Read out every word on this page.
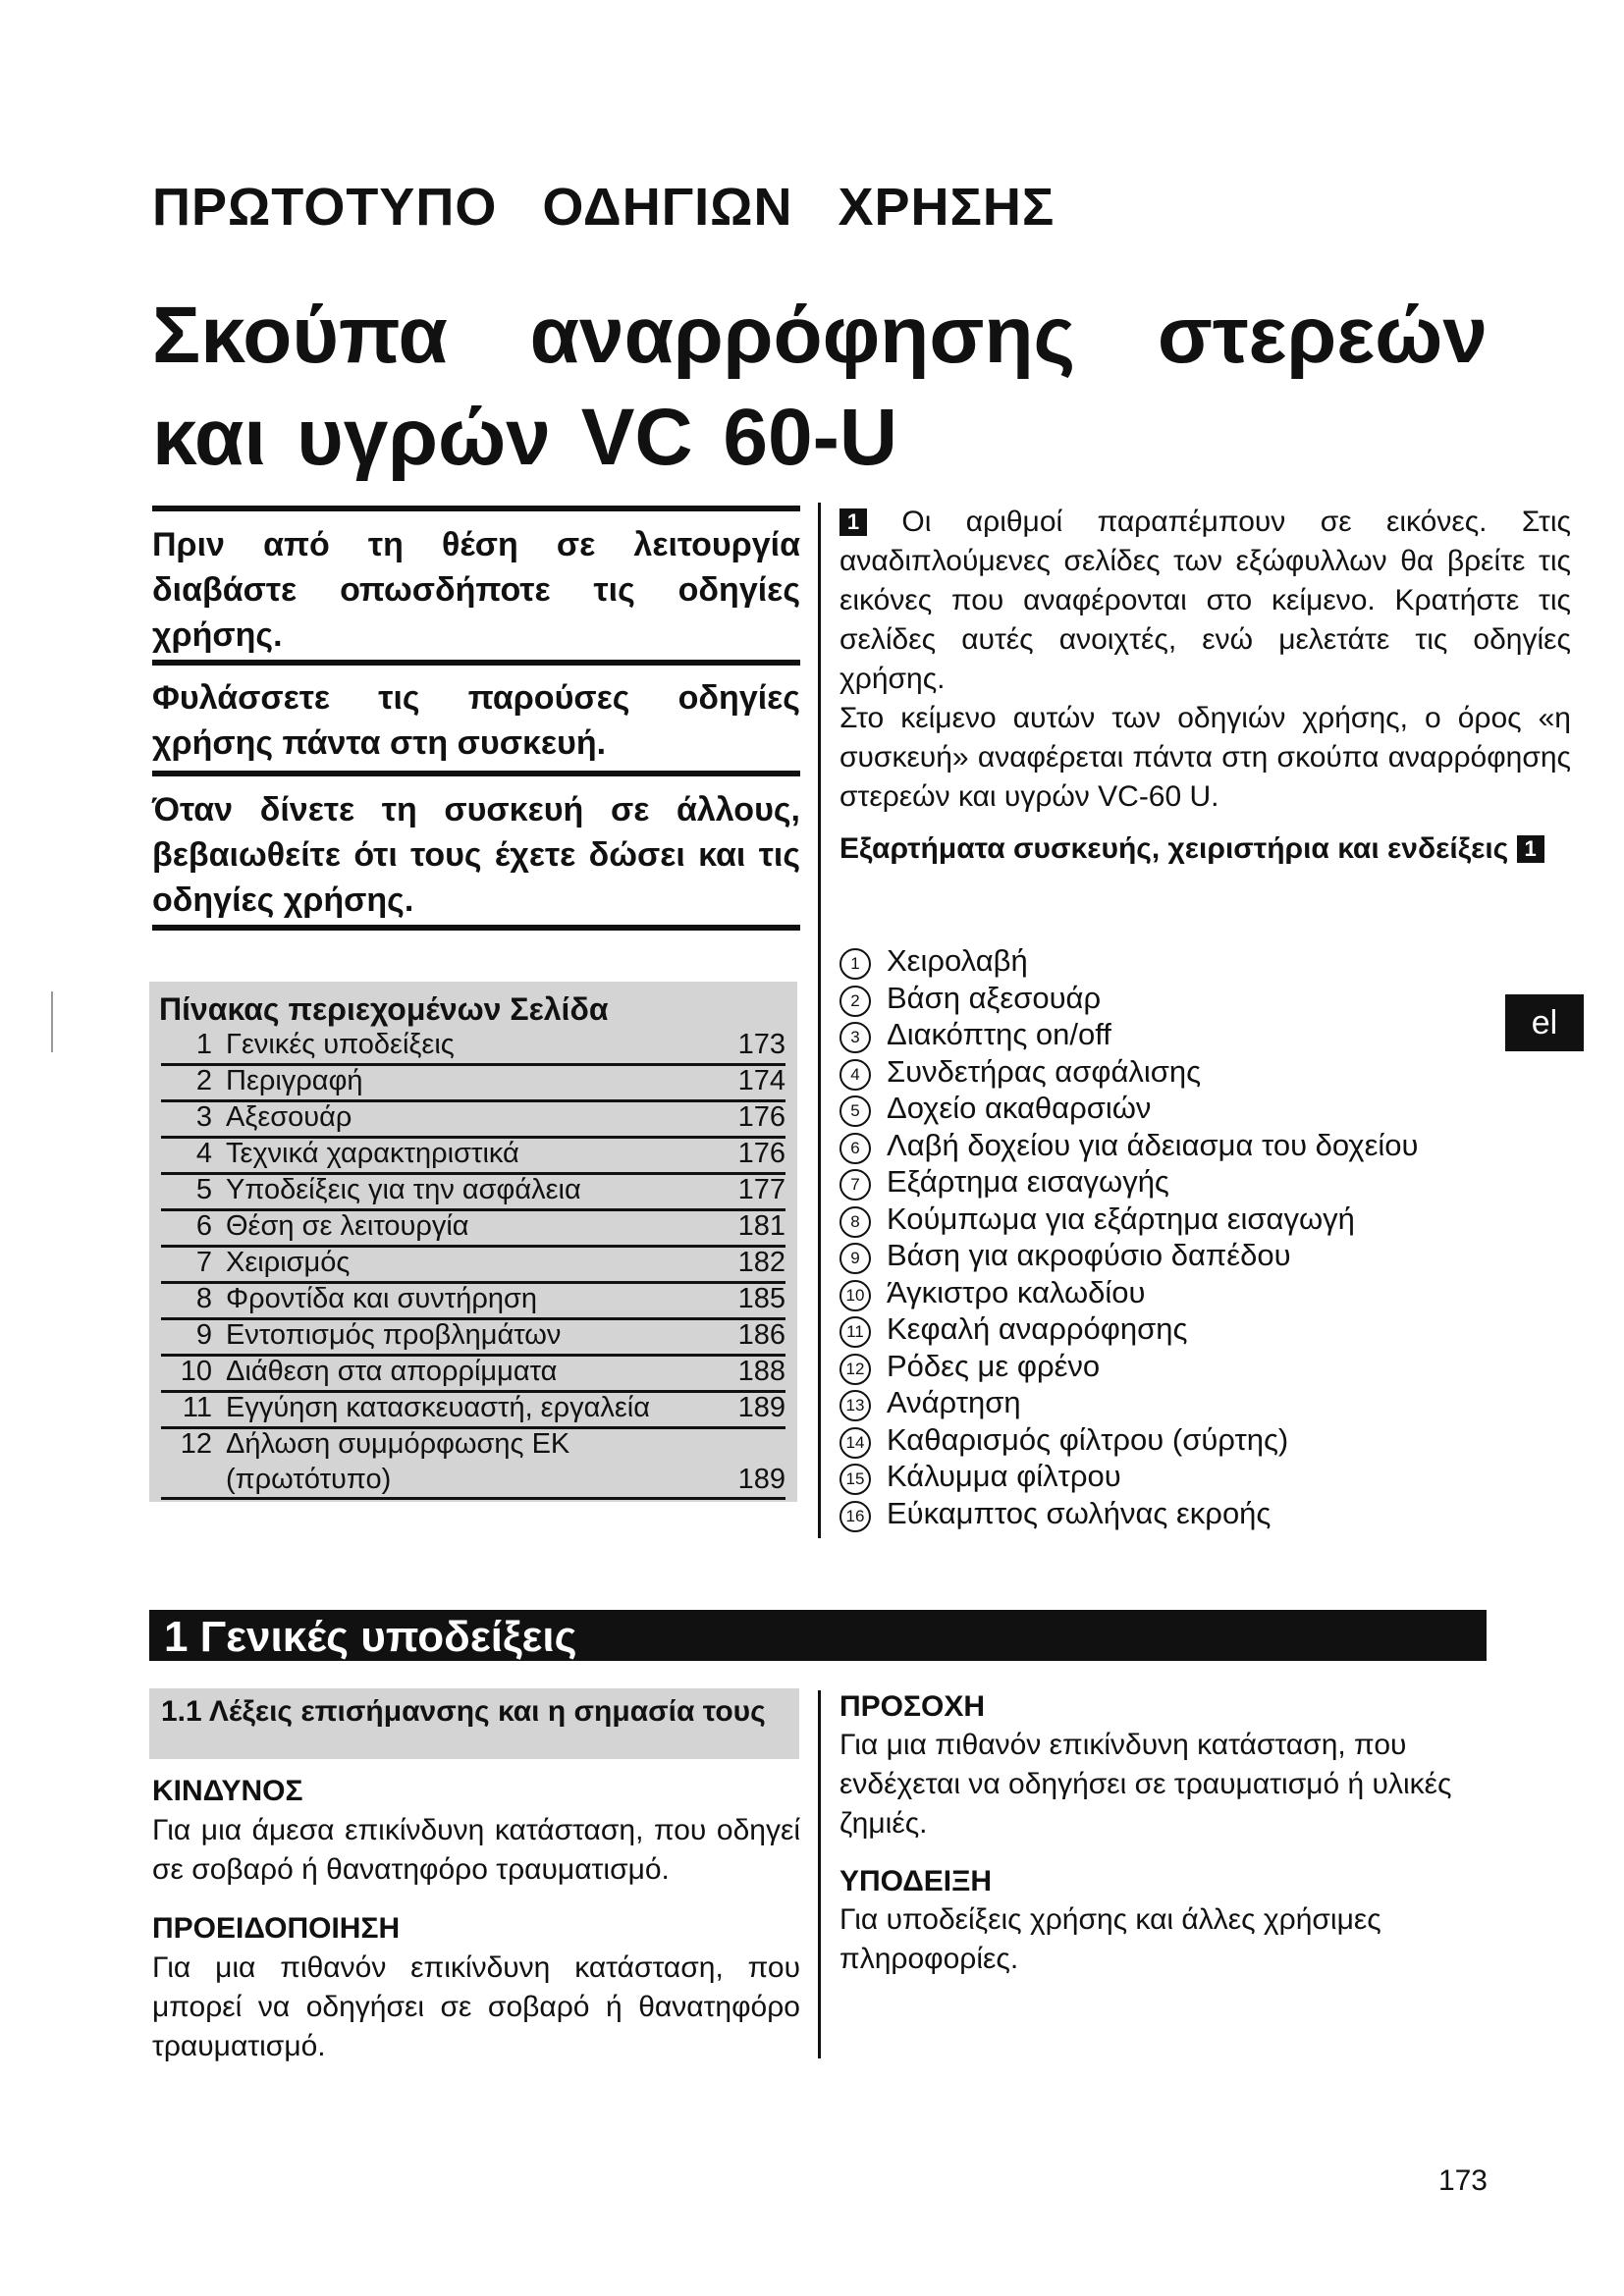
ΠΡΩΤΟΤΥΠΟ ΟΔΗΓΙΩΝ ΧΡΗΣΗΣ
Σκούπα αναρρόφησης στερεών και υγρών VC 60-U
Πριν από τη θέση σε λειτουργία διαβάστε οπωσδήποτε τις οδηγίες χρήσης.
Φυλάσσετε τις παρούσες οδηγίες χρήσης πάντα στη συσκευή.
Όταν δίνετε τη συσκευή σε άλλους, βεβαιωθείτε ότι τους έχετε δώσει και τις οδηγίες χρήσης.
Πίνακας περιεχομένων Σελίδα
1 Γενικές υποδείξεις	173
2 Περιγραφή	174
3 Αξεσουάρ	176
4 Τεχνικά χαρακτηριστικά	176
5 Υποδείξεις για την ασφάλεια	177
6 Θέση σε λειτουργία	181
7 Χειρισμός	182
8 Φροντίδα και συντήρηση	185
9 Εντοπισμός προβλημάτων	186
10 Διάθεση στα απορρίμματα	188
11 Εγγύηση κατασκευαστή, εργαλεία	189
12 Δήλωση συμμόρφωσης ΕΚ
(πρωτότυπο)	189
1 Οι αριθμοί παραπέμπουν σε εικόνες. Στις αναδιπλούμενες σελίδες των εξώφυλλων θα βρείτε τις εικόνες που αναφέρονται στο κείμενο. Κρατήστε τις σελίδες αυτές ανοιχτές, ενώ μελετάτε τις οδηγίες χρήσης.
Στο κείμενο αυτών των οδηγιών χρήσης, ο όρος «η συσκευή» αναφέρεται πάντα στη σκούπα αναρρόφησης στερεών και υγρών VC-60 U.
Εξαρτήματα συσκευής, χειριστήρια και ενδείξεις 1
1 Χειρολαβή
2 Βάση αξεσουάρ
3 Διακόπτης on/off
4 Συνδετήρας ασφάλισης
5 Δοχείο ακαθαρσιών
6 Λαβή δοχείου για άδειασμα του δοχείου
7 Εξάρτημα εισαγωγής
8 Κούμπωμα για εξάρτημα εισαγωγή
9 Βάση για ακροφύσιο δαπέδου
10 Άγκιστρο καλωδίου
11 Κεφαλή αναρρόφησης
12 Ρόδες με φρένο
13 Ανάρτηση
14 Καθαρισμός φίλτρου (σύρτης)
15 Κάλυμμα φίλτρου
16 Εύκαμπτος σωλήνας εκροής
el
1 Γενικές υποδείξεις
1.1 Λέξεις επισήμανσης και η σημασία τους
ΚΙΝΔΥΝΟΣ
Για μια άμεσα επικίνδυνη κατάσταση, που οδηγεί σε σοβαρό ή θανατηφόρο τραυματισμό.
ΠΡΟΕΙΔΟΠΟΙΗΣΗ
Για μια πιθανόν επικίνδυνη κατάσταση, που μπορεί να οδηγήσει σε σοβαρό ή θανατηφόρο τραυματισμό.
ΠΡΟΣΟΧΗ
Για μια πιθανόν επικίνδυνη κατάσταση, που ενδέχεται να οδηγήσει σε τραυματισμό ή υλικές ζημιές.
ΥΠΟΔΕΙΞΗ
Για υποδείξεις χρήσης και άλλες χρήσιμες πληροφορίες.
173
